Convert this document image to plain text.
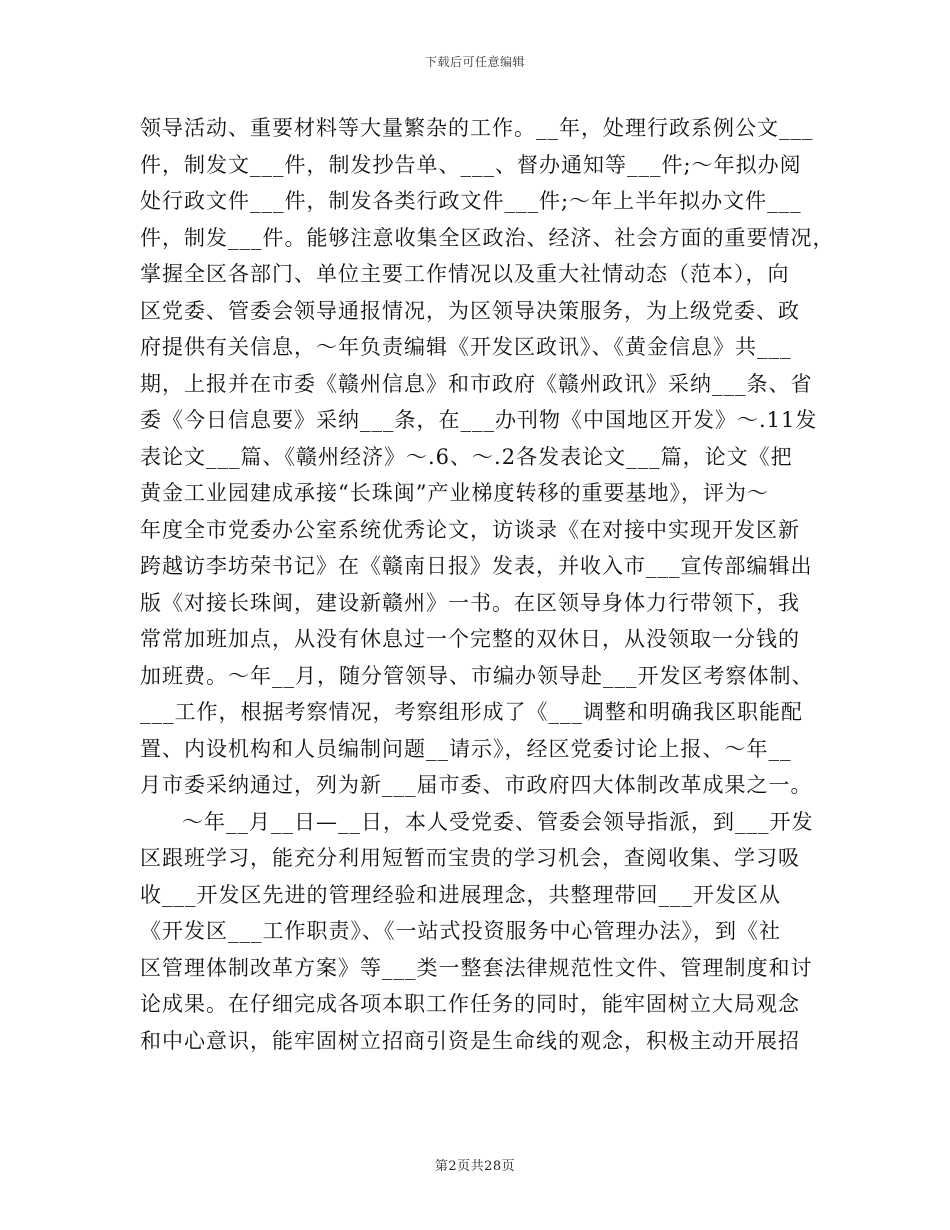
下载后可任意编辑
领导活动、重要材料等大量繁杂的工作。__年，处理行政系例公文___
件，制发文___件，制发抄告单、___、督办通知等___件;～年拟办阅
处行政文件___件，制发各类行政文件___件;～年上半年拟办文件___
件，制发___件。能够注意收集全区政治、经济、社会方面的重要情况，
掌握全区各部门、单位主要工作情况以及重大社情动态（范本），向
区党委、管委会领导通报情况，为区领导决策服务，为上级党委、政
府提供有关信息，～年负责编辑《开发区政讯》、《黄金信息》共___
期，上报并在市委《赣州信息》和市政府《赣州政讯》采纳___条、省
委《今日信息要》采纳___条，在___办刊物《中国地区开发》～.11发
表论文___篇、《赣州经济》～.6、～.2各发表论文___篇，论文《把
黄金工业园建成承接“长珠闽”产业梯度转移的重要基地》，评为～
年度全市党委办公室系统优秀论文，访谈录《在对接中实现开发区新
跨越访李坊荣书记》在《赣南日报》发表，并收入市___宣传部编辑出
版《对接长珠闽，建设新赣州》一书。在区领导身体力行带领下，我
常常加班加点，从没有休息过一个完整的双休日，从没领取一分钱的
加班费。～年__月，随分管领导、市编办领导赴___开发区考察体制、
___工作，根据考察情况，考察组形成了《___调整和明确我区职能配
置、内设机构和人员编制问题__请示》，经区党委讨论上报、～年__
月市委采纳通过，列为新___届市委、市政府四大体制改革成果之一。
～年__月__日—__日，本人受党委、管委会领导指派，到___开发
区跟班学习，能充分利用短暂而宝贵的学习机会，查阅收集、学习吸
收___开发区先进的管理经验和进展理念，共整理带回___开发区从
《开发区___工作职责》、《一站式投资服务中心管理办法》，到《社
区管理体制改革方案》等___类一整套法律规范性文件、管理制度和讨
论成果。在仔细完成各项本职工作任务的同时，能牢固树立大局观念
和中心意识，能牢固树立招商引资是生命线的观念，积极主动开展招
第2页共28页
